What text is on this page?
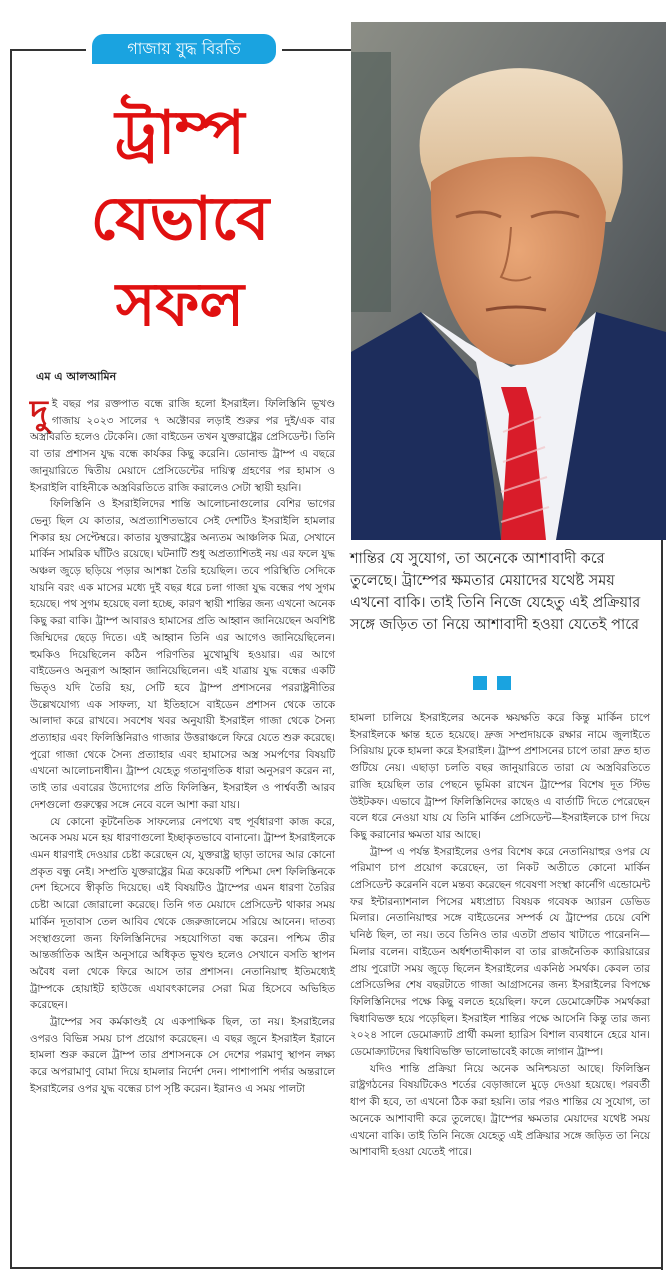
গাজায় যুদ্ধ বিরতি
ট্রাম্প
যেভাবে
সফল
এম এ আলআমিন

দুই বছর পর রক্তপাত বন্ধে রাজি হলো ইসরাইল। ফিলিস্তিনি ভূখণ্ড গাজায় ২০২৩ সালের ৭ অক্টোবর লড়াই শুরুর পর দুই/এক বার অস্ত্রবিরতি হলেও টেকেনি। জো বাইডেন তখন যুক্তরাষ্ট্রের প্রেসিডেন্ট। তিনি বা তার প্রশাসন যুদ্ধ বন্ধে কার্যকর কিছু করেনি। ডোনাল্ড ট্রাম্প এ বছরে জানুয়ারিতে দ্বিতীয় মেয়াদে প্রেসিডেন্টের দায়িত্ব গ্রহণের পর হামাস ও ইসরাইলি বাহিনীকে অস্ত্রবিরতিতে রাজি করালেও সেটা স্থায়ী হয়নি।

ফিলিস্তিনি ও ইসরাইলিদের শান্তি আলোচনাগুলোর বেশির ভাগের ভেন্যু ছিল যে কাতার, অপ্রত্যাশিতভাবে সেই দেশটিও ইসরাইলি হামলার শিকার হয় সেপ্টেম্বরে। কাতার যুক্তরাষ্ট্রের অন্যতম আঞ্চলিক মিত্র, সেখানে মার্কিন সামরিক ঘাঁটিও রয়েছে। ঘটনাটি শুধু অপ্রত্যাশিতই নয় এর ফলে যুদ্ধ অঞ্চল জুড়ে ছড়িয়ে পড়ার আশঙ্কা তৈরি হয়েছিল। তবে পরিস্থিতি সেদিকে যায়নি বরং এক মাসের মধ্যে দুই বছর ধরে চলা গাজা যুদ্ধ বন্ধের পথ সুগম হয়েছে। পথ সুগম হয়েছে বলা হচ্ছে, কারণ স্থায়ী শান্তির জন্য এখনো অনেক কিছু করা বাকি। ট্রাম্প আবারও হামাসের প্রতি আহ্বান জানিয়েছেন অবশিষ্ট জিম্মিদের ছেড়ে দিতে। এই আহ্বান তিনি এর আগেও জানিয়েছিলেন। হুমকিও দিয়েছিলেন কঠিন পরিণতির মুখোমুখি হওয়ার। এর আগে বাইডেনও অনুরূপ আহ্বান জানিয়েছিলেন। এই যাত্রায় যুদ্ধ বন্ধের একটি ভিত্ও যদি তৈরি হয়, সেটি হবে ট্রাম্প প্রশাসনের পররাষ্ট্রনীতির উল্লেখযোগ্য এক সাফল্য, যা ইতিহাসে বাইডেন প্রশাসন থেকে তাকে আলাদা করে রাখবে। সবশেষ খবর অনুযায়ী ইসরাইল গাজা থেকে সৈন্য প্রত্যাহার এবং ফিলিস্তিনিরাও গাজার উত্তরাঞ্চলে ফিরে যেতে শুরু করেছে। পুরো গাজা থেকে সৈন্য প্রত্যাহার এবং হামাসের অস্ত্র সমর্পণের বিষয়টি এখনো আলোচনাধীন। ট্রাম্প যেহেতু গতানুগতিক ধারা অনুসরণ করেন না, তাই তার এবারের উদ্যোগের প্রতি ফিলিস্তিন, ইসরাইল ও পার্শ্ববর্তী আরব দেশগুলো গুরুত্বের সঙ্গে নেবে বলে আশা করা যায়।

যে কোনো কূটনৈতিক সাফল্যের নেপথ্যে বহু পূর্বধারণা কাজ করে, অনেক সময় মনে হয় ধারণাগুলো ইচ্ছাকৃতভাবে বানানো। ট্রাম্প ইসরাইলকে এমন ধারণাই দেওয়ার চেষ্টা করেছেন যে, যুক্তরাষ্ট্র ছাড়া তাদের আর কোনো প্রকৃত বন্ধু নেই। সম্প্রতি যুক্তরাষ্ট্রের মিত্র কয়েকটি পশ্চিমা দেশ ফিলিস্তিনকে দেশ হিসেবে স্বীকৃতি দিয়েছে। এই বিষয়টিও ট্রাম্পের এমন ধারণা তৈরির চেষ্টা আরো জোরালো করেছে। তিনি গত মেয়াদে প্রেসিডেন্ট থাকার সময় মার্কিন দূতাবাস তেল আবিব থেকে জেরুজালেমে সরিয়ে আনেন। দাতব্য সংস্থাগুলো জন্য ফিলিস্তিনিদের সহযোগিতা বন্ধ করেন। পশ্চিম তীর আন্তর্জাতিক আইন অনুসারে অধিকৃত ভূখণ্ড হলেও সেখানে বসতি স্থাপন অবৈধ বলা থেকে ফিরে আসে তার প্রশাসন। নেতানিয়াহু ইতিমধ্যেই ট্রাম্পকে হোয়াইট হাউজে এযাবৎকালের সেরা মিত্র হিসেবে অভিহিত করেছেন।

ট্রাম্পের সব কর্মকাণ্ডই যে একপাক্ষিক ছিল, তা নয়। ইসরাইলের ওপরও বিভিন্ন সময় চাপ প্রয়োগ করেছেন। এ বছর জুনে ইসরাইল ইরানে হামলা শুরু করলে ট্রাম্প তার প্রশাসনকে সে দেশের পরমাণু স্থাপন লক্ষ্য করে অপরামাণু বোমা দিয়ে হামলার নির্দেশ দেন। পাশাপাশি পর্দার অন্তরালে ইসরাইলের ওপর যুদ্ধ বন্ধের চাপ সৃষ্টি করেন। ইরানও এ সময় পালটা

শান্তির যে সুযোগ, তা অনেকে আশাবাদী করে তুলেছে। ট্রাম্পের ক্ষমতার মেয়াদের যথেষ্ট সময় এখনো বাকি। তাই তিনি নিজে যেহেতু এই প্রক্রিয়ার সঙ্গে জড়িত তা নিয়ে আশাবাদী হওয়া যেতেই পারে

হামলা চালিয়ে ইসরাইলের অনেক ক্ষয়ক্ষতি করে কিন্তু মার্কিন চাপে ইসরাইলকে ক্ষান্ত হতে হয়েছে। দ্রুজ সম্প্রদায়কে রক্ষার নামে জুলাইতে সিরিয়ায় ঢুকে হামলা করে ইসরাইল। ট্রাম্প প্রশাসনের চাপে তারা দ্রুত হাত গুটিয়ে নেয়। এছাড়া চলতি বছর জানুয়ারিতে তারা যে অস্ত্রবিরতিতে রাজি হয়েছিল তার পেছনে ভূমিকা রাখেন ট্রাম্পের বিশেষ দূত স্টিভ উইটকফ। এভাবে ট্রাম্প ফিলিস্তিনিদের কাছেও এ বার্তাটি দিতে পেরেছেন বলে ধরে নেওয়া যায় যে তিনি মার্কিন প্রেসিডেন্ট—ইসরাইলকে চাপ দিয়ে কিছু করানোর ক্ষমতা যার আছে।

ট্রাম্প এ পর্যন্ত ইসরাইলের ওপর বিশেষ করে নেতানিয়াহুর ওপর যে পরিমাণ চাপ প্রয়োগ করেছেন, তা নিকট অতীতে কোনো মার্কিন প্রেসিডেন্ট করেননি বলে মন্তব্য করেছেন গবেষণা সংস্থা কার্নেগি এন্ডোমেন্ট ফর ইন্টারন্যাশনাল পিসের মধ্যপ্রাচ্য বিষয়ক গবেষক অ্যারন ডেভিড মিলার। নেতানিয়াহুর সঙ্গে বাইডেনের সম্পর্ক যে ট্রাম্পের চেয়ে বেশি ঘনিষ্ঠ ছিল, তা নয়। তবে তিনিও তার এতটা প্রভাব খাটাতে পারেননি—মিলার বলেন। বাইডেন অর্ধশতাব্দীকাল বা তার রাজনৈতিক ক্যারিয়ারের প্রায় পুরোটা সময় জুড়ে ছিলেন ইসরাইলের একনিষ্ঠ সমর্থক। কেবল তার প্রেসিডেন্সির শেষ বছরটাতে গাজা আগ্রাসনের জন্য ইসরাইলের বিপক্ষে ফিলিস্তিনিদের পক্ষে কিছু বলতে হয়েছিল। ফলে ডেমোক্রেটিক সমর্থকরা দ্বিধাবিভক্ত হয়ে পড়েছিল। ইসরাইল শান্তির পক্ষে আসেনি কিন্তু তার জন্য ২০২৪ সালে ডেমোক্র্যাট প্রার্থী কমলা হ্যারিস বিশাল ব্যবধানে হেরে যান। ডেমোক্র্যাটদের দ্বিধাবিভক্তি ভালোভাবেই কাজে লাগান ট্রাম্প।

যদিও শান্তি প্রক্রিয়া নিয়ে অনেক অনিশ্চয়তা আছে। ফিলিস্তিন রাষ্ট্রগঠনের বিষয়টিকেও শর্তের বেড়াজালে মুড়ে দেওয়া হয়েছে। পরবর্তী ধাপ কী হবে, তা এখনো ঠিক করা হয়নি। তার পরও শান্তির যে সুযোগ, তা অনেকে আশাবাদী করে তুলেছে। ট্রাম্পের ক্ষমতার মেয়াদের যথেষ্ট সময় এখনো বাকি। তাই তিনি নিজে যেহেতু এই প্রক্রিয়ার সঙ্গে জড়িত তা নিয়ে আশাবাদী হওয়া যেতেই পারে।
